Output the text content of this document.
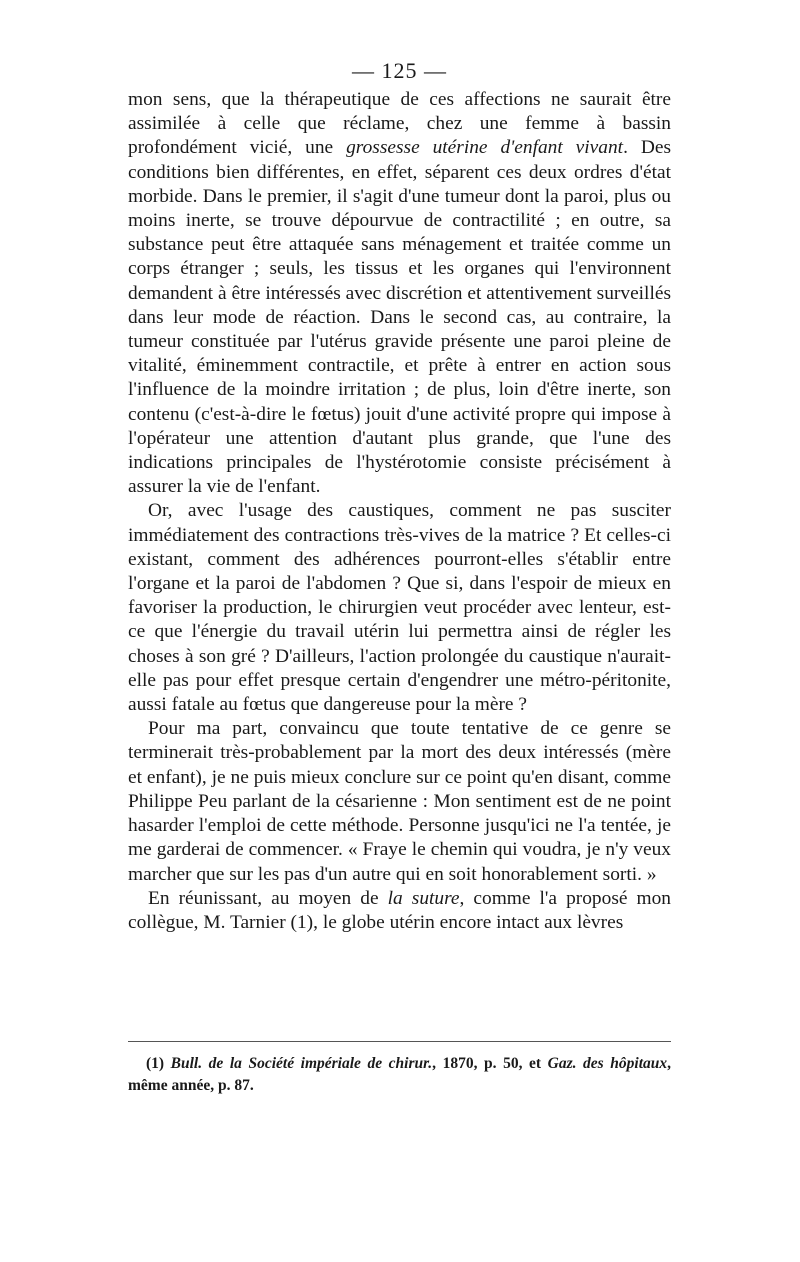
— 125 —

mon sens, que la thérapeutique de ces affections ne saurait être assimilée à celle que réclame, chez une femme à bassin profondément vicié, une grossesse utérine d'enfant vivant. Des conditions bien différentes, en effet, séparent ces deux ordres d'état morbide. Dans le premier, il s'agit d'une tumeur dont la paroi, plus ou moins inerte, se trouve dépourvue de contractilité ; en outre, sa substance peut être attaquée sans ménagement et traitée comme un corps étranger ; seuls, les tissus et les organes qui l'environnent demandent à être intéressés avec discrétion et attentivement surveillés dans leur mode de réaction. Dans le second cas, au contraire, la tumeur constituée par l'utérus gravide présente une paroi pleine de vitalité, éminemment contractile, et prête à entrer en action sous l'influence de la moindre irritation ; de plus, loin d'être inerte, son contenu (c'est-à-dire le fœtus) jouit d'une activité propre qui impose à l'opérateur une attention d'autant plus grande, que l'une des indications principales de l'hystérotomie consiste précisément à assurer la vie de l'enfant.

Or, avec l'usage des caustiques, comment ne pas susciter immédiatement des contractions très-vives de la matrice ? Et celles-ci existant, comment des adhérences pourront-elles s'établir entre l'organe et la paroi de l'abdomen ? Que si, dans l'espoir de mieux en favoriser la production, le chirurgien veut procéder avec lenteur, est-ce que l'énergie du travail utérin lui permettra ainsi de régler les choses à son gré ? D'ailleurs, l'action prolongée du caustique n'aurait-elle pas pour effet presque certain d'engendrer une métro-péritonite, aussi fatale au fœtus que dangereuse pour la mère ?

Pour ma part, convaincu que toute tentative de ce genre se terminerait très-probablement par la mort des deux intéressés (mère et enfant), je ne puis mieux conclure sur ce point qu'en disant, comme Philippe Peu parlant de la césarienne : Mon sentiment est de ne point hasarder l'emploi de cette méthode. Personne jusqu'ici ne l'a tentée, je me garderai de commencer. « Fraye le chemin qui voudra, je n'y veux marcher que sur les pas d'un autre qui en soit honorablement sorti. »

En réunissant, au moyen de la suture, comme l'a proposé mon collègue, M. Tarnier (1), le globe utérin encore intact aux lèvres

(1) Bull. de la Société impériale de chirur., 1870, p. 50, et Gaz. des hôpitaux, même année, p. 87.
